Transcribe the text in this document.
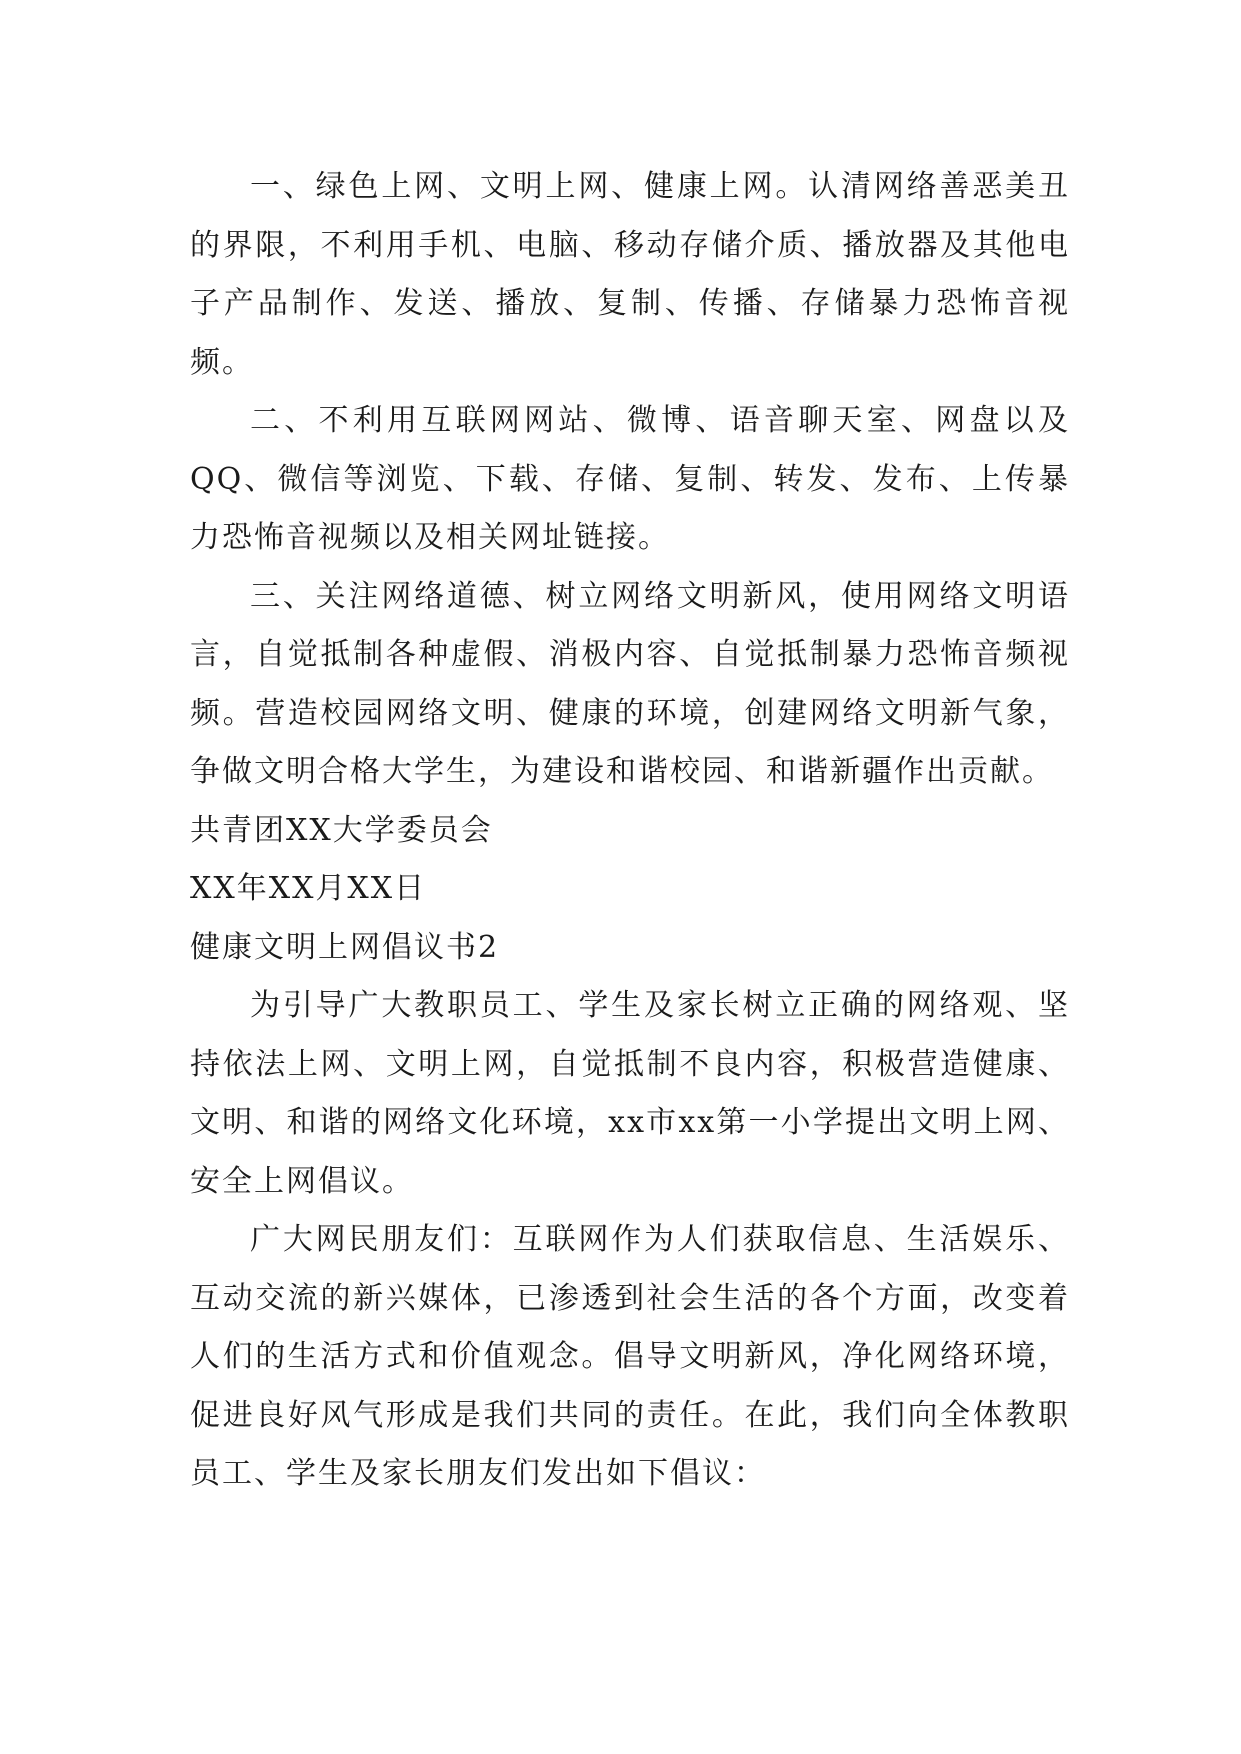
一、绿色上网、文明上网、健康上网。认清网络善恶美丑的界限，不利用手机、电脑、移动存储介质、播放器及其他电子产品制作、发送、播放、复制、传播、存储暴力恐怖音视频。

二、不利用互联网网站、微博、语音聊天室、网盘以及QQ、微信等浏览、下载、存储、复制、转发、发布、上传暴力恐怖音视频以及相关网址链接。

三、关注网络道德、树立网络文明新风，使用网络文明语言，自觉抵制各种虚假、消极内容、自觉抵制暴力恐怖音频视频。营造校园网络文明、健康的环境，创建网络文明新气象，争做文明合格大学生，为建设和谐校园、和谐新疆作出贡献。

共青团XX大学委员会

XX年XX月XX日

健康文明上网倡议书2

为引导广大教职员工、学生及家长树立正确的网络观、坚持依法上网、文明上网，自觉抵制不良内容，积极营造健康、文明、和谐的网络文化环境，xx市xx第一小学提出文明上网、安全上网倡议。

广大网民朋友们：互联网作为人们获取信息、生活娱乐、互动交流的新兴媒体，已渗透到社会生活的各个方面，改变着人们的生活方式和价值观念。倡导文明新风，净化网络环境，促进良好风气形成是我们共同的责任。在此，我们向全体教职员工、学生及家长朋友们发出如下倡议：
